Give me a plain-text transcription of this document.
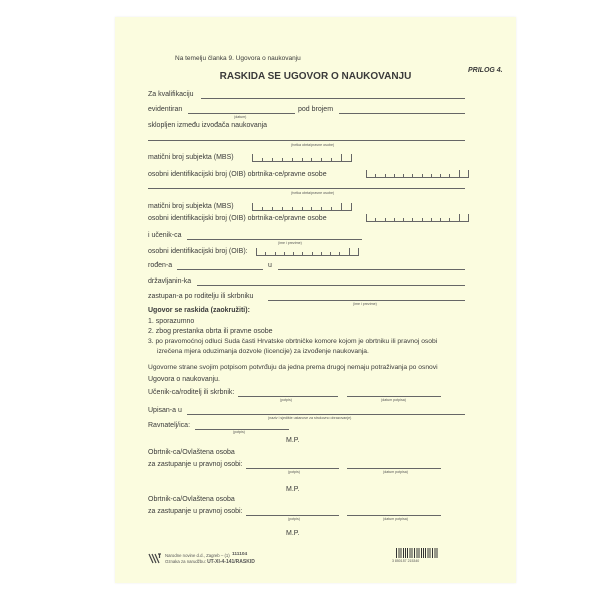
PRILOG 4.
Na temelju članka 9. Ugovora o naukovanju
RASKIDA SE UGOVOR O NAUKOVANJU
Za kvalifikaciju
evidentiran
(datum)
pod brojem
sklopljen između izvođača naukovanja
(tvrtka obrta/pravne osobe)
matični broj subjekta (MBS)
osobni identifikacijski broj (OIB) obrtnika-ce/pravne osobe
(tvrtka obrta/pravne osobe)
matični broj subjekta (MBS)
osobni identifikacijski broj (OIB) obrtnika-ce/pravne osobe
i učenik-ca
(ime i prezime)
osobni identifikacijski broj (OIB):
rođen-a	u
državljanin-ka
zastupan-a po roditelju ili skrbniku
(ime i prezime)
Ugovor se raskida (zaokružiti):
1. sporazumno
2. zbog prestanka obrta ili pravne osobe
3. po pravomoćnoj odluci Suda časti Hrvatske obrtničke komore kojom je obrtniku ili pravnoj osobi
izrečena mjera oduzimanja dozvole (licencije) za izvođenje naukovanja.
Ugovorne strane svojim potpisom potvrđuju da jedna prema drugoj nemaju potraživanja po osnovi
Ugovora o naukovanju.
Učenik-ca/roditelj ili skrbnik:
(potpis)	(datum potpisa)
Upisan-a u
(naziv i sjedište ustanove za strukovno obrazovanje)
Ravnatelj/ica:
(potpis)
M.P.
Obrtnik-ca/Ovlaštena osoba
za zastupanje u pravnoj osobi:
(potpis)	(datum potpisa)
M.P.
Obrtnik-ca/Ovlaštena osoba
za zastupanje u pravnoj osobi:
(potpis)	(datum potpisa)
M.P.
Narodne novine d.d., Zagreb – (1) 111104
Oznaka za narudžbu: UT-XI-4-141/RASKID	3 850157 215340
